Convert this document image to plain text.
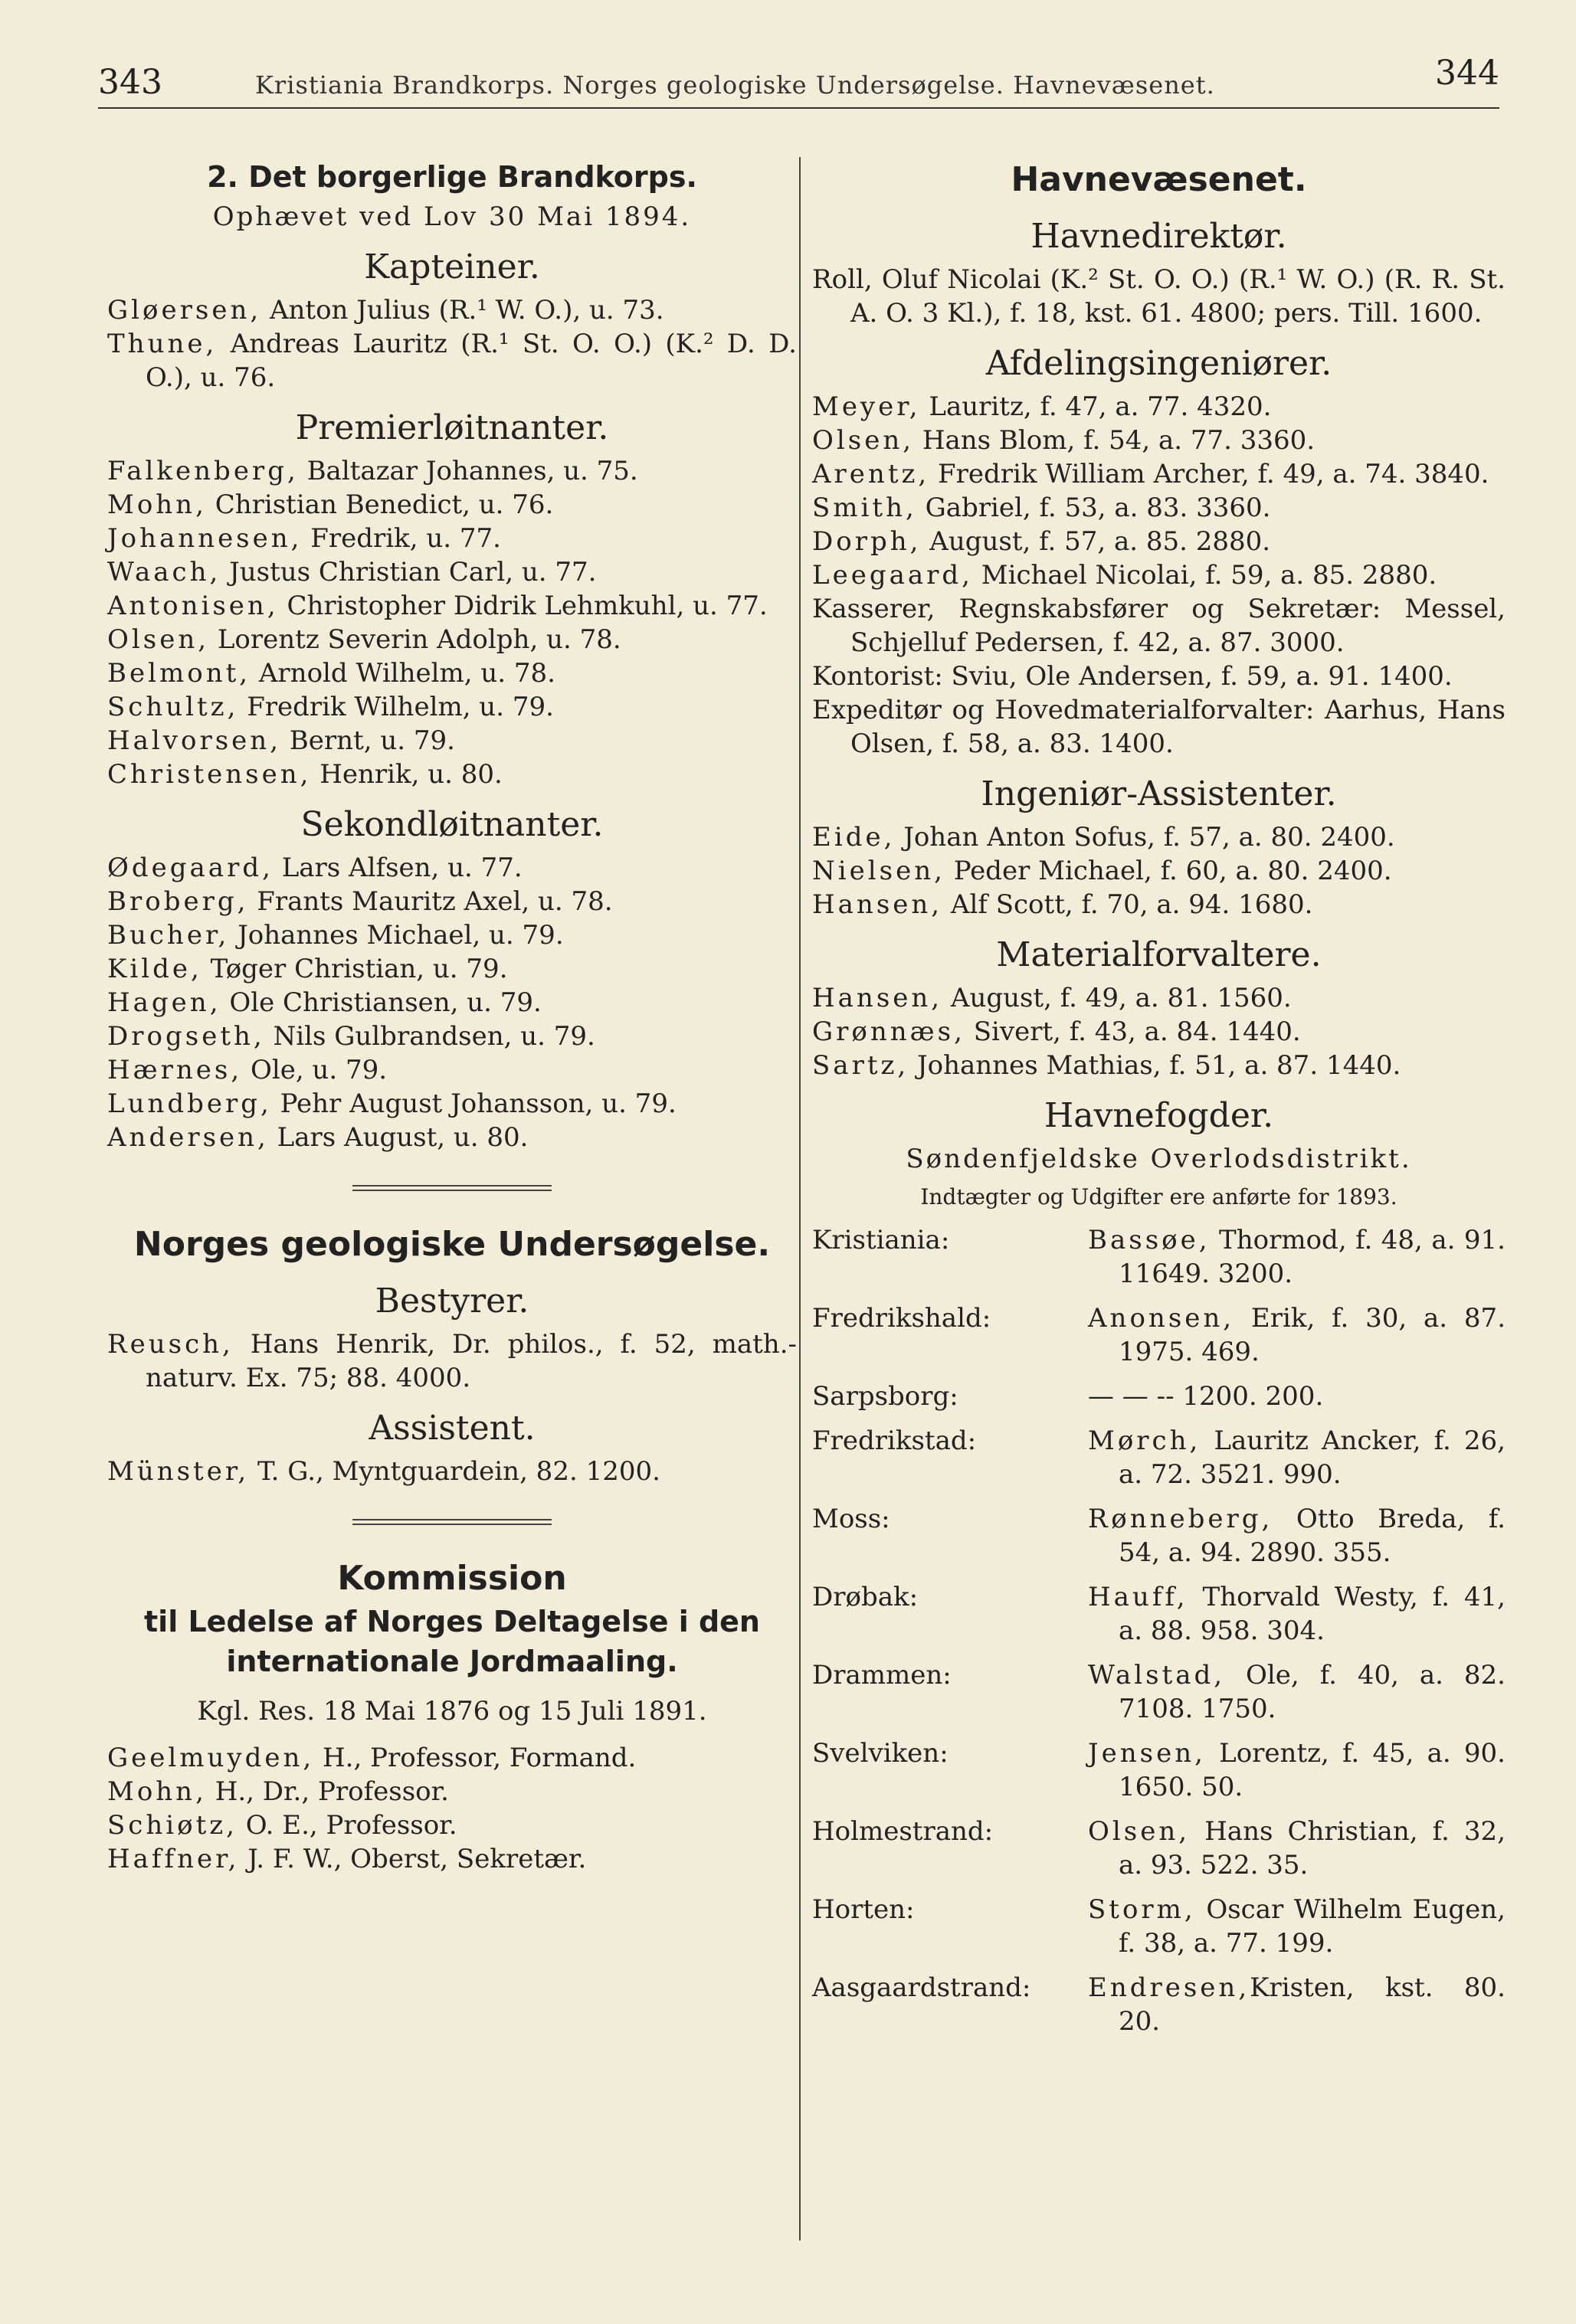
343	Kristiania Brandkorps. Norges geologiske Undersøgelse. Havnevæsenet.	344
2. Det borgerlige Brandkorps.
Ophævet ved Lov 30 Mai 1894.
Kapteiner.
Gløersen, Anton Julius (R.¹ W. O.), u. 73.
Thune, Andreas Lauritz (R.¹ St. O. O.) (K.² D. D. O.), u. 76.
Premierløitnanter.
Falkenberg, Baltazar Johannes, u. 75.
Mohn, Christian Benedict, u. 76.
Johannesen, Fredrik, u. 77.
Waach, Justus Christian Carl, u. 77.
Antonisen, Christopher Didrik Lehmkuhl, u. 77.
Olsen, Lorentz Severin Adolph, u. 78.
Belmont, Arnold Wilhelm, u. 78.
Schultz, Fredrik Wilhelm, u. 79.
Halvorsen, Bernt, u. 79.
Christensen, Henrik, u. 80.
Sekondløitnanter.
Ødegaard, Lars Alfsen, u. 77.
Broberg, Frants Mauritz Axel, u. 78.
Bucher, Johannes Michael, u. 79.
Kilde, Tøger Christian, u. 79.
Hagen, Ole Christiansen, u. 79.
Drogseth, Nils Gulbrandsen, u. 79.
Hærnes, Ole, u. 79.
Lundberg, Pehr August Johansson, u. 79.
Andersen, Lars August, u. 80.
Norges geologiske Undersøgelse.
Bestyrer.
Reusch, Hans Henrik, Dr. philos., f. 52, math.-naturv. Ex. 75; 88. 4000.
Assistent.
Münster, T. G., Myntguardein, 82. 1200.
Kommission
til Ledelse af Norges Deltagelse i den internationale Jordmaaling.
Kgl. Res. 18 Mai 1876 og 15 Juli 1891.
Geelmuyden, H., Professor, Formand.
Mohn, H., Dr., Professor.
Schiøtz, O. E., Professor.
Haffner, J. F. W., Oberst, Sekretær.
Havnevæsenet.
Havnedirektør.
Roll, Oluf Nicolai (K.² St. O. O.) (R.¹ W. O.) (R. R. St. A. O. 3 Kl.), f. 18, kst. 61. 4800; pers. Till. 1600.
Afdelingsingeniører.
Meyer, Lauritz, f. 47, a. 77. 4320.
Olsen, Hans Blom, f. 54, a. 77. 3360.
Arentz, Fredrik William Archer, f. 49, a. 74. 3840.
Smith, Gabriel, f. 53, a. 83. 3360.
Dorph, August, f. 57, a. 85. 2880.
Leegaard, Michael Nicolai, f. 59, a. 85. 2880.
Kasserer, Regnskabsfører og Sekretær: Messel, Schjelluf Pedersen, f. 42, a. 87. 3000.
Kontorist: Sviu, Ole Andersen, f. 59, a. 91. 1400.
Expeditør og Hovedmaterialforvalter: Aarhus, Hans Olsen, f. 58, a. 83. 1400.
Ingeniør-Assistenter.
Eide, Johan Anton Sofus, f. 57, a. 80. 2400.
Nielsen, Peder Michael, f. 60, a. 80. 2400.
Hansen, Alf Scott, f. 70, a. 94. 1680.
Materialforvaltere.
Hansen, August, f. 49, a. 81. 1560.
Grønnæs, Sivert, f. 43, a. 84. 1440.
Sartz, Johannes Mathias, f. 51, a. 87. 1440.
Havnefogder.
Søndenfjeldske Overlodsdistrikt.
Indtægter og Udgifter ere anførte for 1893.
Kristiania:	Bassøe, Thormod, f. 48, a. 91. 11649. 3200.
Fredrikshald:	Anonsen, Erik, f. 30, a. 87. 1975. 469.
Sarpsborg:	— — -- 1200. 200.
Fredrikstad:	Mørch, Lauritz Ancker, f. 26, a. 72. 3521. 990.
Moss:	Rønneberg, Otto Breda, f. 54, a. 94. 2890. 355.
Drøbak:	Hauff, Thorvald Westy, f. 41, a. 88. 958. 304.
Drammen:	Walstad, Ole, f. 40, a. 82. 7108. 1750.
Svelviken:	Jensen, Lorentz, f. 45, a. 90. 1650. 50.
Holmestrand:	Olsen, Hans Christian, f. 32, a. 93. 522. 35.
Horten:	Storm, Oscar Wilhelm Eugen, f. 38, a. 77. 199.
Aasgaardstrand:	Endresen,Kristen, kst. 80. 20.
